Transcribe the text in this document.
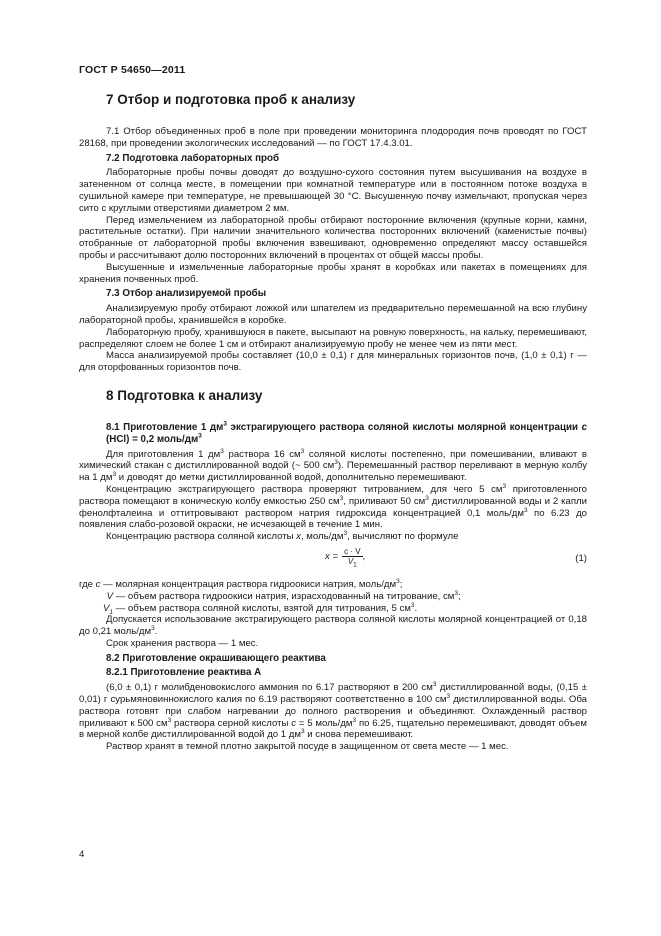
ГОСТ Р 54650—2011
7 Отбор и подготовка проб к анализу

7.1 Отбор объединенных проб в поле при проведении мониторинга плодородия почв проводят по ГОСТ 28168, при проведении экологических исследований — по ГОСТ 17.4.3.01.

7.2 Подготовка лабораторных проб

Лабораторные пробы почвы доводят до воздушно-сухого состояния путем высушивания на воздухе в затененном от солнца месте, в помещении при комнатной температуре или в постоянном потоке воздуха в сушильной камере при температуре, не превышающей 30 °С. Высушенную почву измельчают, пропуская через сито с круглыми отверстиями диаметром 2 мм.

Перед измельчением из лабораторной пробы отбирают посторонние включения (крупные корни, камни, растительные остатки). При наличии значительного количества посторонних включений (каменистые почвы) отобранные от лабораторной пробы включения взвешивают, одновременно определяют массу оставшейся пробы и рассчитывают долю посторонних включений в процентах от общей массы пробы.

Высушенные и измельченные лабораторные пробы хранят в коробках или пакетах в помещениях для хранения почвенных проб.

7.3 Отбор анализируемой пробы

Анализируемую пробу отбирают ложкой или шпателем из предварительно перемешанной на всю глубину лабораторной пробы, хранившейся в коробке.

Лабораторную пробу, хранившуюся в пакете, высыпают на ровную поверхность, на кальку, перемешивают, распределяют слоем не более 1 см и отбирают анализируемую пробу не менее чем из пяти мест.

Масса анализируемой пробы составляет (10,0 ± 0,1) г для минеральных горизонтов почв, (1,0 ± 0,1) г — для оторфованных горизонтов почв.

8 Подготовка к анализу
8.1 Приготовление 1 $дм^3$ экстрагирующего раствора соляной кислоты молярной концентрации c (HCl) = 0,2 моль/$дм^3$

Для приготовления 1 $дм^3$ раствора 16 $см^3$ соляной кислоты постепенно, при помешивании, вливают в химический стакан с дистиллированной водой (~ 500 $см^3$). Перемешанный раствор переливают в мерную колбу на 1 $дм^3$ и доводят до метки дистиллированной водой, дополнительно перемешивают.

Концентрацию экстрагирующего раствора проверяют титрованием, для чего 5 $см^3$ приготовленного раствора помещают в коническую колбу емкостью 250 $см^3$, приливают 50 $см^3$ дистиллированной воды и 2 капли фенолфталеина и оттитровывают раствором натрия гидроксида концентрацией 0,1 моль/$дм^3$ по 6.23 до появления слабо-розовой окраски, не исчезающей в течение 1 мин.

Концентрацию раствора соляной кислоты x, моль/$дм^3$, вычисляют по формуле

$x = \frac{c \cdot V}{V_1}$ ,	(1)
где c — молярная концентрация раствора гидроокиси натрия, моль/$дм^3$;
V — объем раствора гидроокиси натрия, израсходованный на титрование, $см^3$;
$V_1$ — объем раствора соляной кислоты, взятой для титрования, 5 $см^3$.

Допускается использование экстрагирующего раствора соляной кислоты молярной концентрацией от 0,18 до 0,21 моль/$дм^3$.

Срок хранения раствора — 1 мес.

8.2 Приготовление окрашивающего реактива
8.2.1 Приготовление реактива А

(6,0 ± 0,1) г молибденовокислого аммония по 6.17 растворяют в 200 $см^3$ дистиллированной воды, (0,15 ± 0,01) г сурьмяновиннокислого калия по 6.19 растворяют соответственно в 100 $см^3$ дистиллированной воды. Оба раствора готовят при слабом нагревании до полного растворения и объединяют. Охлажденный раствор приливают к 500 $см^3$ раствора серной кислоты c = 5 моль/$дм^3$ по 6.25, тщательно перемешивают, доводят объем в мерной колбе дистиллированной водой до 1 $дм^3$ и снова перемешивают.

Раствор хранят в темной плотно закрытой посуде в защищенном от света месте — 1 мес.

4
